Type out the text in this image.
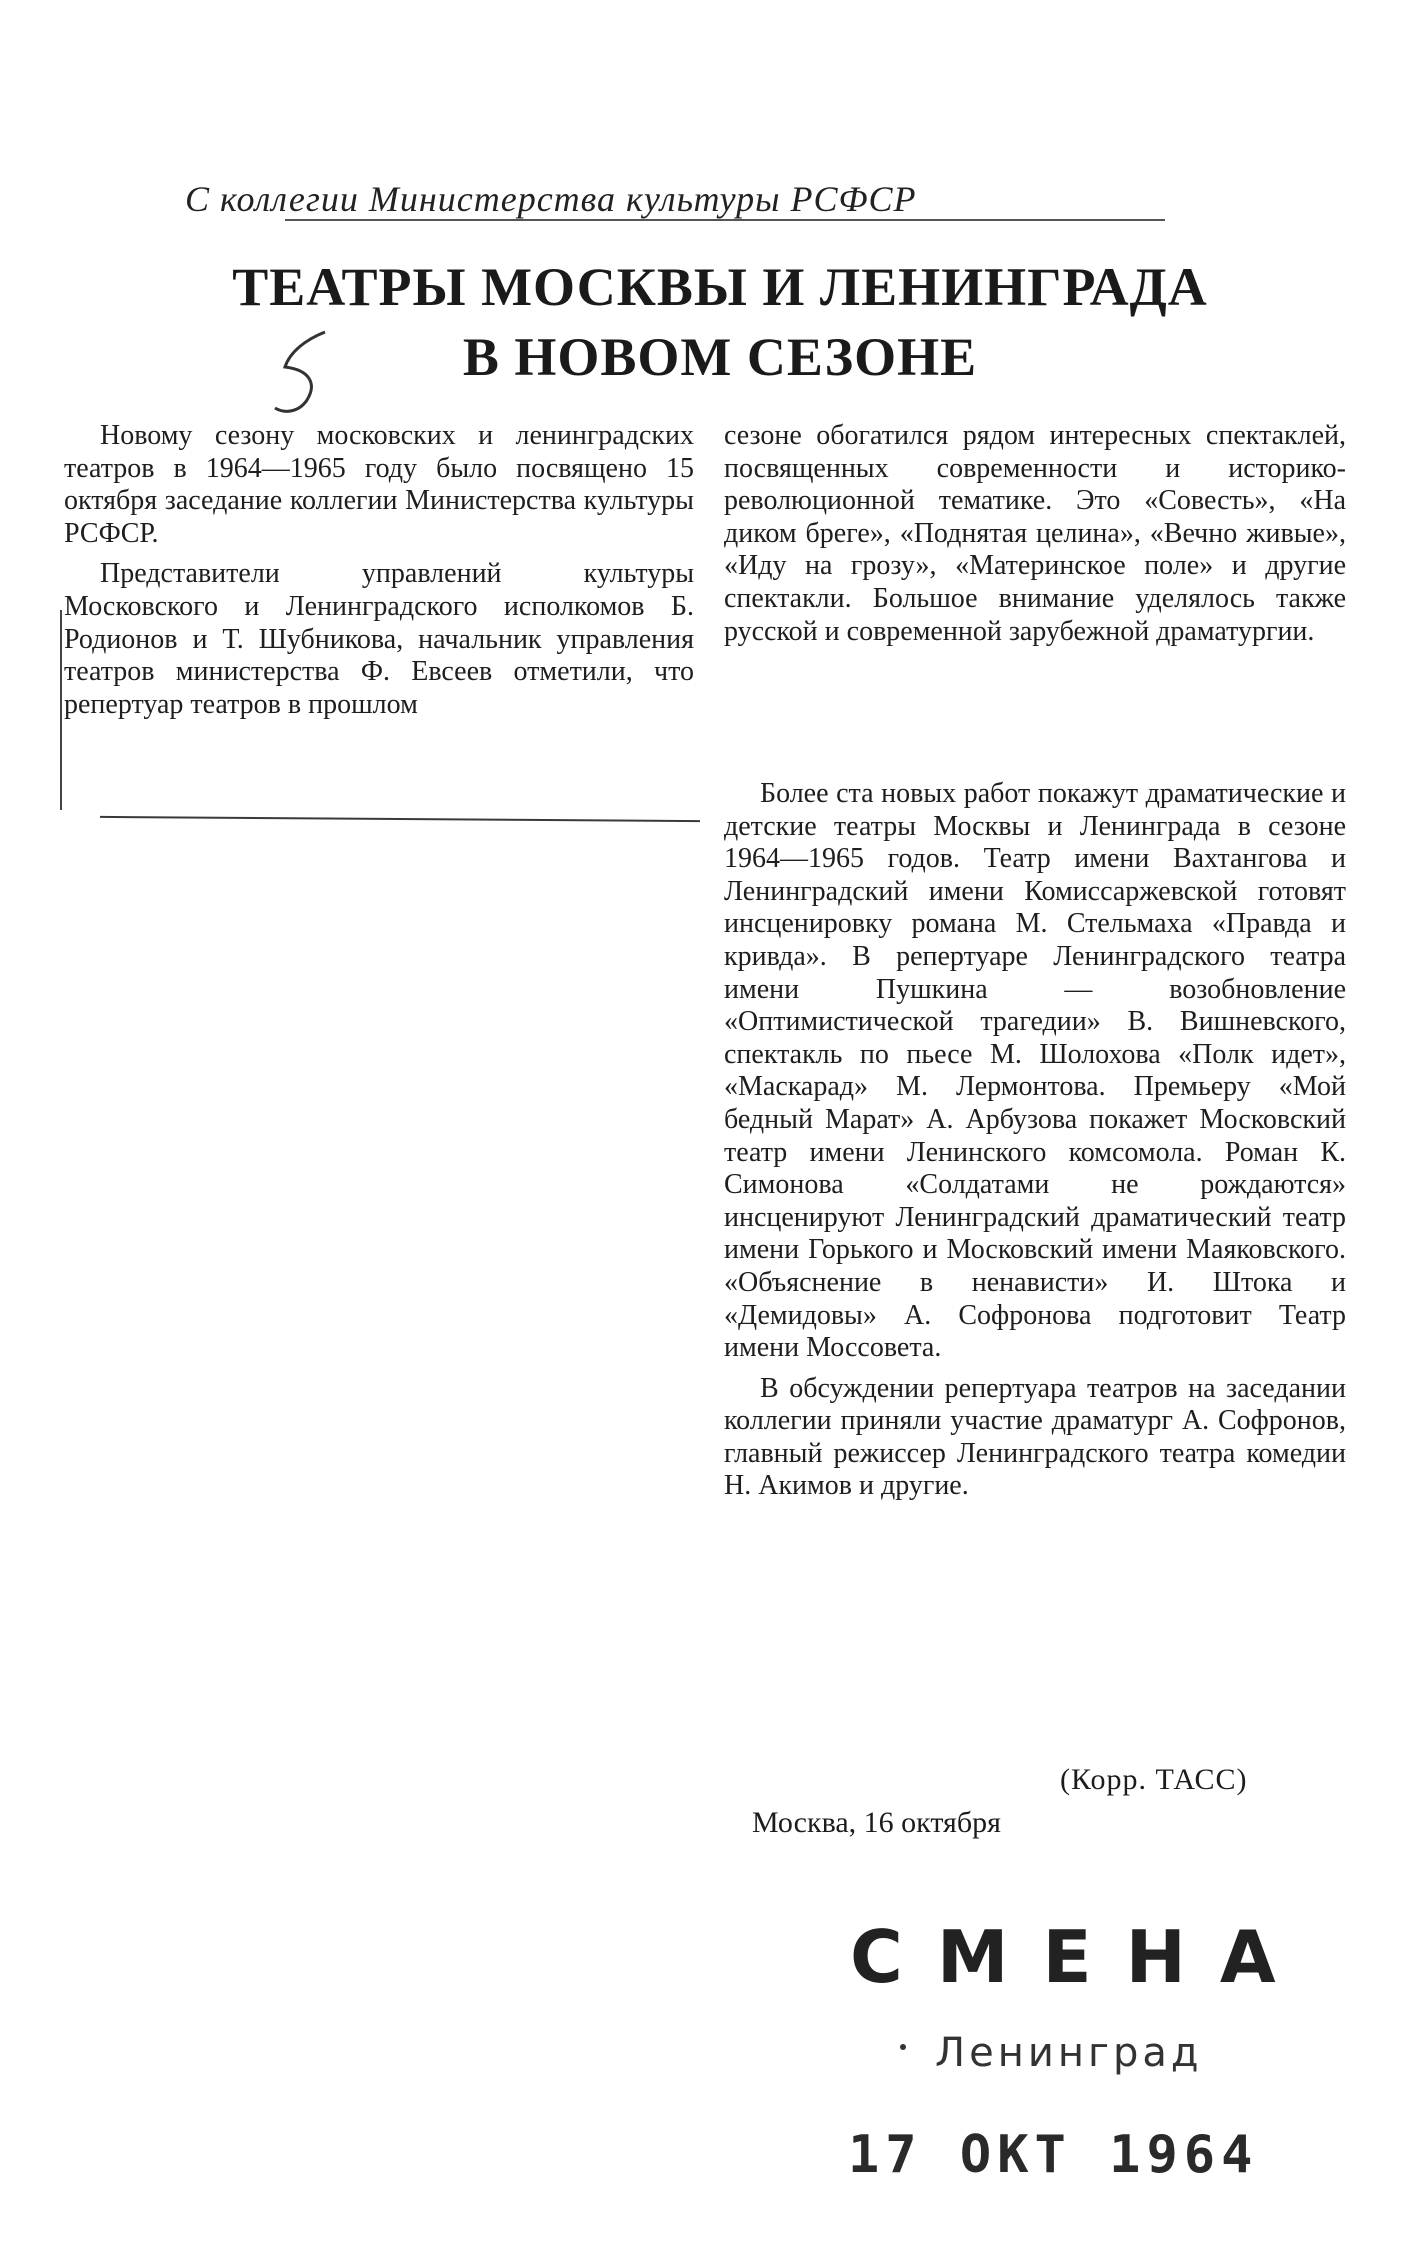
С коллегии Министерства культуры РСФСР
ТЕАТРЫ МОСКВЫ И ЛЕНИНГРАДА
В НОВОМ СЕЗОНЕ

Новому сезону московских и ленинградских театров в 1964—1965 году было посвящено 15 октября заседание коллегии Министерства культуры РСФСР.

Представители управлений культуры Московского и Ленинградского исполкомов Б. Родионов и Т. Шубникова, начальник управления театров министерства Ф. Евсеев отметили, что репертуар театров в прошлом

сезоне обогатился рядом интересных спектаклей, посвященных современности и историко-революционной тематике. Это «Совесть», «На диком бреге», «Поднятая целина», «Вечно живые», «Иду на грозу», «Материнское поле» и другие спектакли. Большое внимание уделялось также русской и современной зарубежной драматургии.

Более ста новых работ покажут драматические и детские театры Москвы и Ленинграда в сезоне 1964—1965 годов. Театр имени Вахтангова и Ленинградский имени Комиссаржевской готовят инсценировку романа М. Стельмаха «Правда и кривда». В репертуаре Ленинградского театра имени Пушкина — возобновление «Оптимистической трагедии» В. Вишневского, спектакль по пьесе М. Шолохова «Полк идет», «Маскарад» М. Лермонтова. Премьеру «Мой бедный Марат» А. Арбузова покажет Московский театр имени Ленинского комсомола. Роман К. Симонова «Солдатами не рождаются» инсценируют Ленинградский драматический театр имени Горького и Московский имени Маяковского. «Объяснение в ненависти» И. Штока и «Демидовы» А. Софронова подготовит Театр имени Моссовета.

В обсуждении репертуара театров на заседании коллегии приняли участие драматург А. Софронов, главный режиссер Ленинградского театра комедии Н. Акимов и другие.

(Корр. ТАСС)
Москва, 16 октября
СМЕНА
Ленинград
17 ОКТ 1964
